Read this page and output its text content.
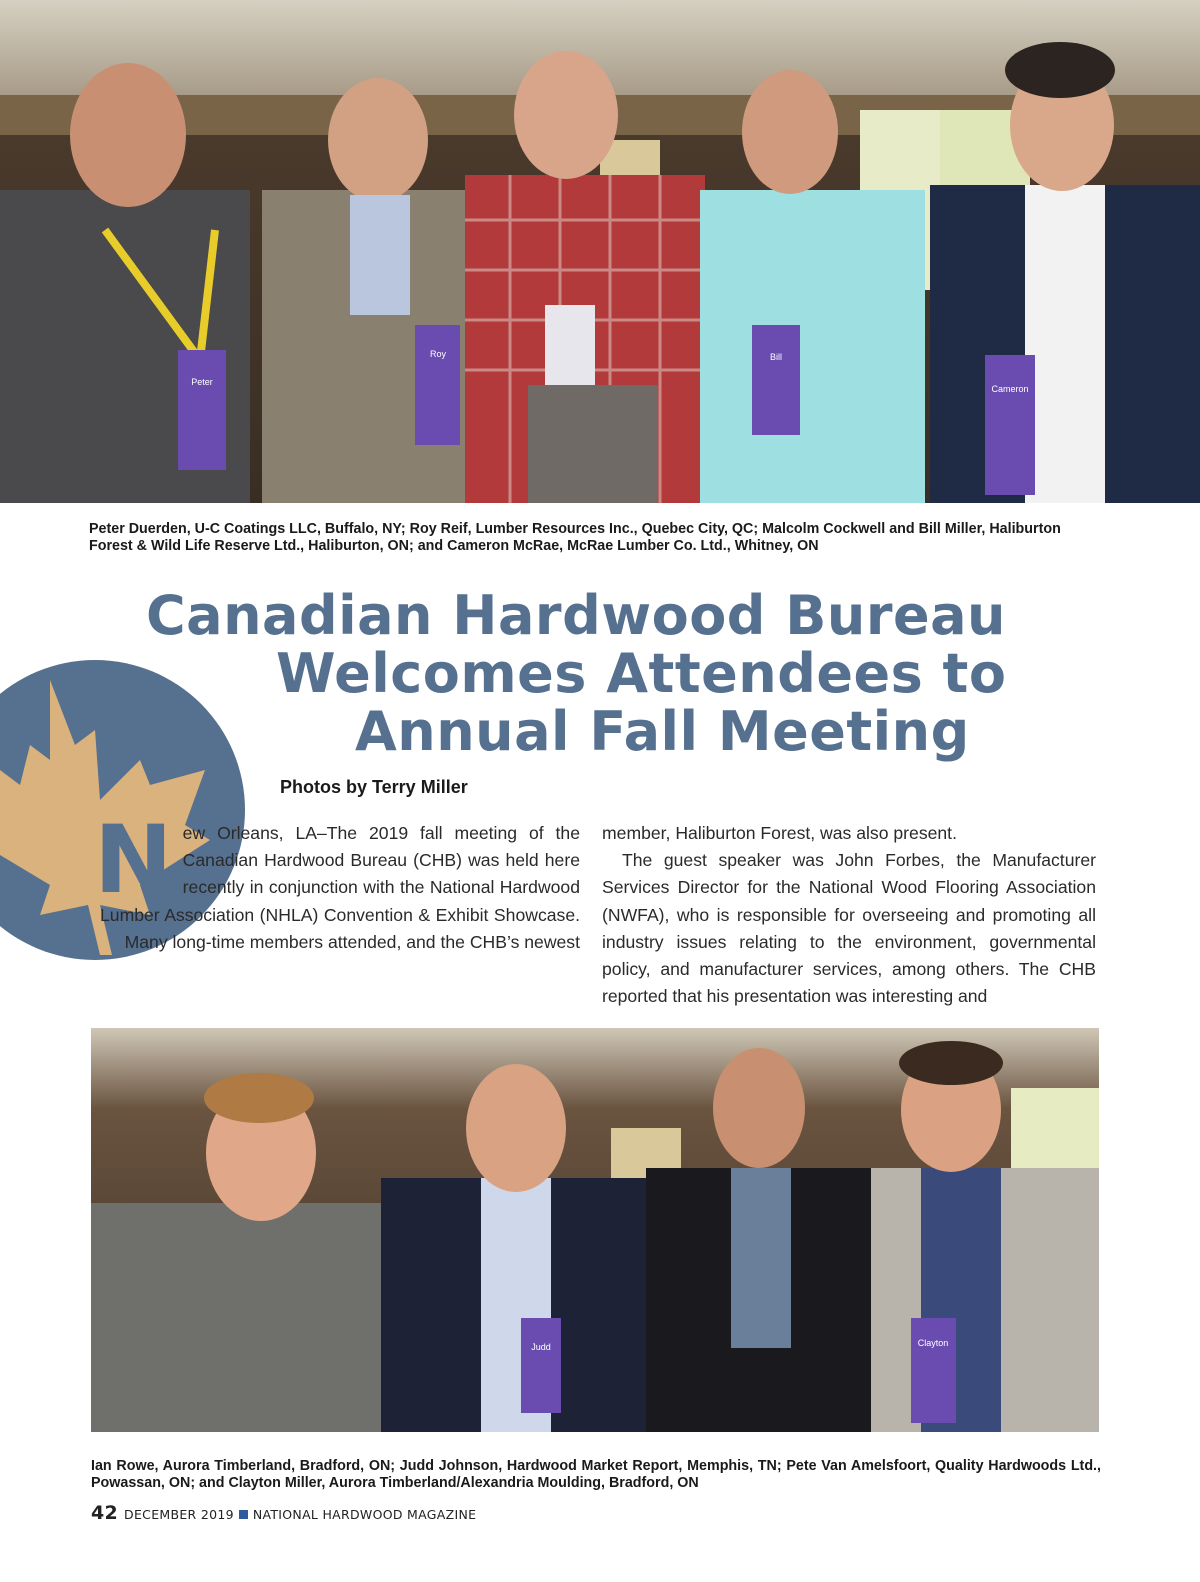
Peter
Roy	Bill
Cameron
Peter Duerden, U-C Coatings LLC, Buffalo, NY; Roy Reif, Lumber Resources Inc., Quebec City, QC; Malcolm Cockwell and Bill Miller, Haliburton Forest & Wild Life Reserve Ltd., Haliburton, ON; and Cameron McRae, McRae Lumber Co. Ltd., Whitney, ON
Canadian Hardwood Bureau
Welcomes Attendees to
Annual Fall Meeting
Photos by Terry Miller

New Orleans, LA–The 2019 fall meeting of the Canadian Hardwood Bureau (CHB) was held here recently in conjunction with the National Hardwood Lumber Association (NHLA) Convention & Exhibit Showcase. Many long-time members attended, and the CHB’s newest

member, Haliburton Forest, was also present.

The guest speaker was John Forbes, the Manufacturer Services Director for the National Wood Flooring Association (NWFA), who is responsible for overseeing and promoting all industry issues relating to the environment, governmental policy, and manufacturer services, among others. The CHB reported that his presentation was interesting and

Judd	Clayton
Ian Rowe, Aurora Timberland, Bradford, ON; Judd Johnson, Hardwood Market Report, Memphis, TN; Pete Van Amelsfoort, Quality Hardwoods Ltd., Powassan, ON; and Clayton Miller, Aurora Timberland/Alexandria Moulding, Bradford, ON
42 DECEMBER 2019 NATIONAL HARDWOOD MAGAZINE
